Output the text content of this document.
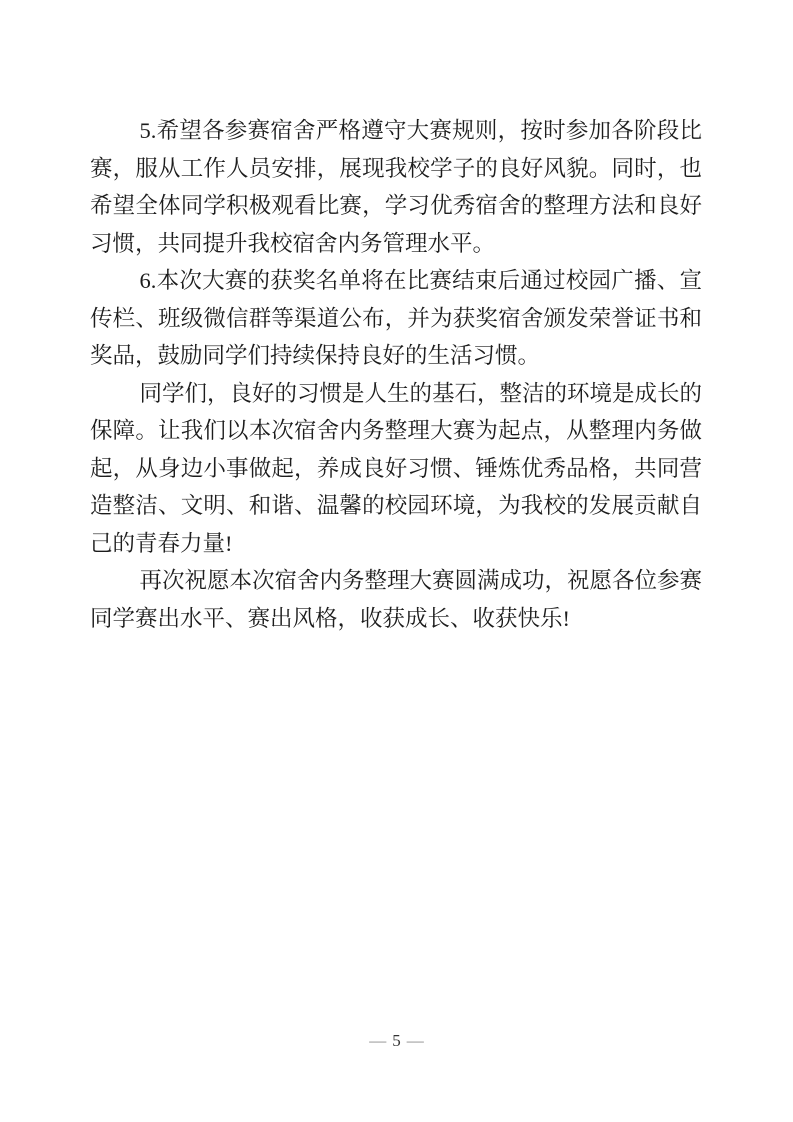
5.希望各参赛宿舍严格遵守大赛规则，按时参加各阶段比赛，服从工作人员安排，展现我校学子的良好风貌。同时，也希望全体同学积极观看比赛，学习优秀宿舍的整理方法和良好习惯，共同提升我校宿舍内务管理水平。

6.本次大赛的获奖名单将在比赛结束后通过校园广播、宣传栏、班级微信群等渠道公布，并为获奖宿舍颁发荣誉证书和奖品，鼓励同学们持续保持良好的生活习惯。

同学们，良好的习惯是人生的基石，整洁的环境是成长的保障。让我们以本次宿舍内务整理大赛为起点，从整理内务做起，从身边小事做起，养成良好习惯、锤炼优秀品格，共同营造整洁、文明、和谐、温馨的校园环境，为我校的发展贡献自己的青春力量!

再次祝愿本次宿舍内务整理大赛圆满成功，祝愿各位参赛同学赛出水平、赛出风格，收获成长、收获快乐!

— 5 —
